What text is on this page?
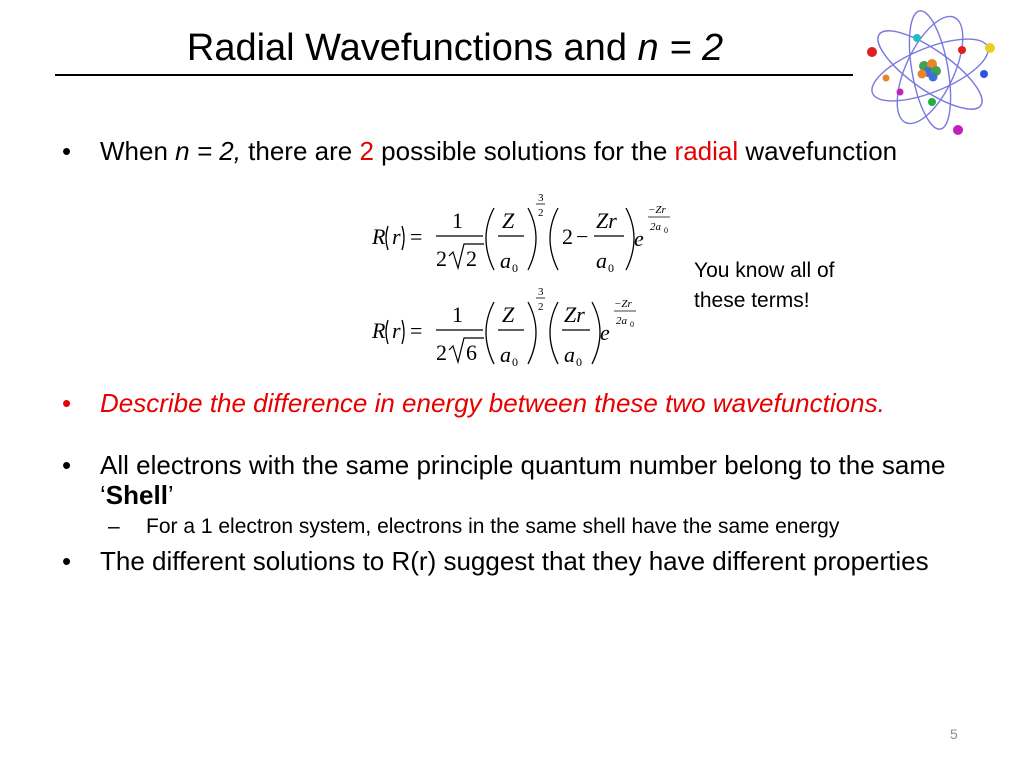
Radial Wavefunctions and n = 2
• When n = 2, there are 2 possible solutions for the radial wavefunction
• Describe the difference in energy between these two wavefunctions.
• All electrons with the same principle quantum number belong to the same ‘Shell’
– For a 1 electron system, electrons in the same shell have the same energy
• The different solutions to R(r) suggest that they have different properties
R r =
1
2 2
Z
a 0
3
2
2 −
Zr
a 0
e
−Zr
2a 0
R r =
1
2 6
Z
a 0
3
2 Zr
a 0
e
−Zr
2a 0
You know all of these terms!
5
